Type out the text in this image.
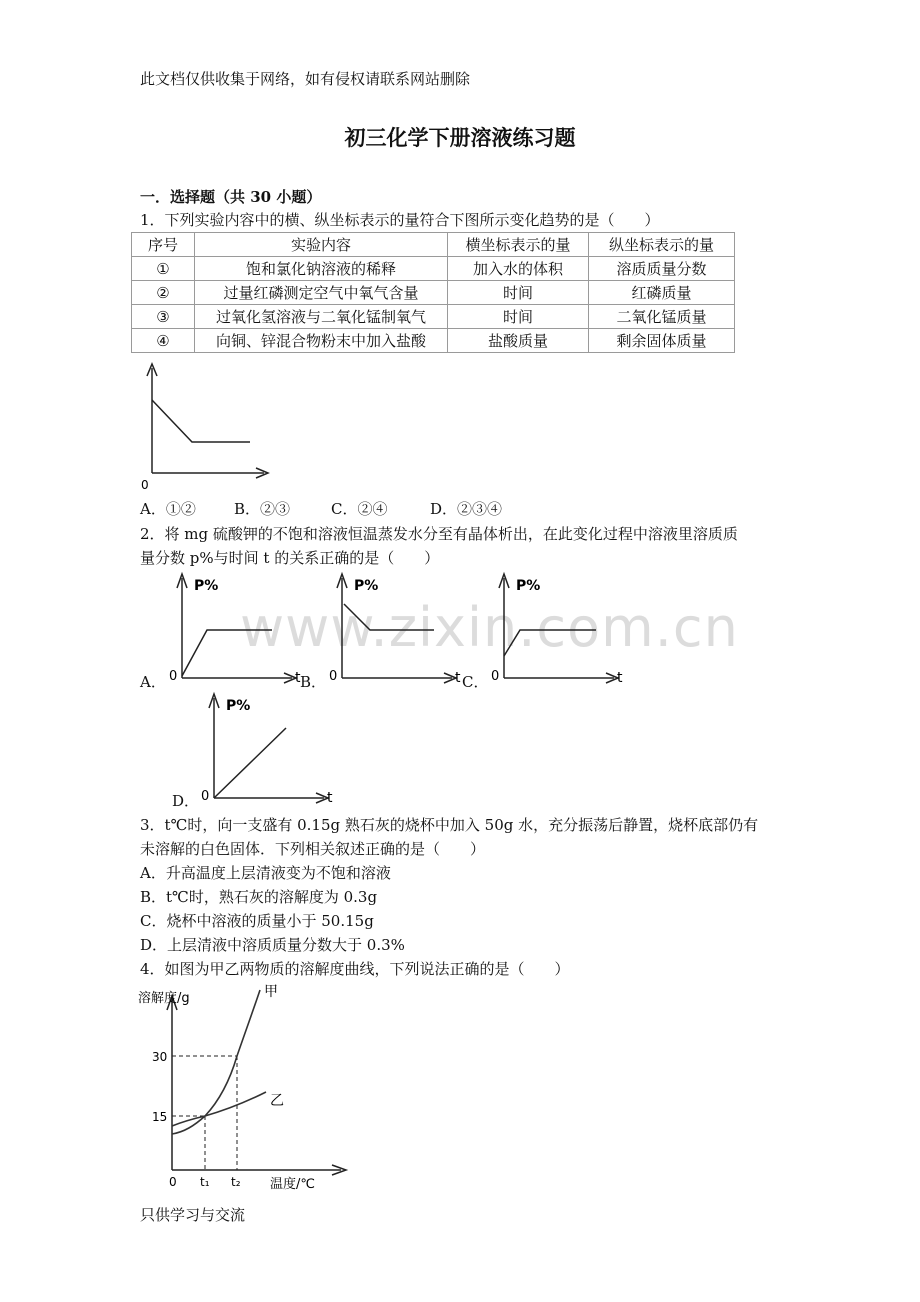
此文档仅供收集于网络，如有侵权请联系网站删除
初三化学下册溶液练习题
一．选择题（共 30 小题）
1．下列实验内容中的横、纵坐标表示的量符合下图所示变化趋势的是（　　）
序号	实验内容	横坐标表示的量	纵坐标表示的量
①	饱和氯化钠溶液的稀释	加入水的体积	溶质质量分数
②	过量红磷测定空气中氧气含量	时间	红磷质量
③	过氧化氢溶液与二氧化锰制氧气	时间	二氧化锰质量
④	向铜、锌混合物粉末中加入盐酸	盐酸质量	剩余固体质量
0
A．①②	B．②③	C．②④	D．②③④
2．将 mg 硫酸钾的不饱和溶液恒温蒸发水分至有晶体析出，在此变化过程中溶液里溶质质
量分数 p%与时间 t 的关系正确的是（　　）
www.zixin.com.cn
A．
P%
0	t B．
P%
0	t C．
P%
0	t
D．
P%
0	t
3．t℃时，向一支盛有 0.15g 熟石灰的烧杯中加入 50g 水，充分振荡后静置，烧杯底部仍有
未溶解的白色固体．下列相关叙述正确的是（　　）
A．升高温度上层清液变为不饱和溶液
B．t℃时，熟石灰的溶解度为 0.3g
C．烧杯中溶液的质量小于 50.15g
D．上层清液中溶质质量分数大于 0.3%
4．如图为甲乙两物质的溶解度曲线，下列说法正确的是（　　）
溶解度/g	甲
乙
30
15
0 t₁ t₂ 温度/℃
只供学习与交流
